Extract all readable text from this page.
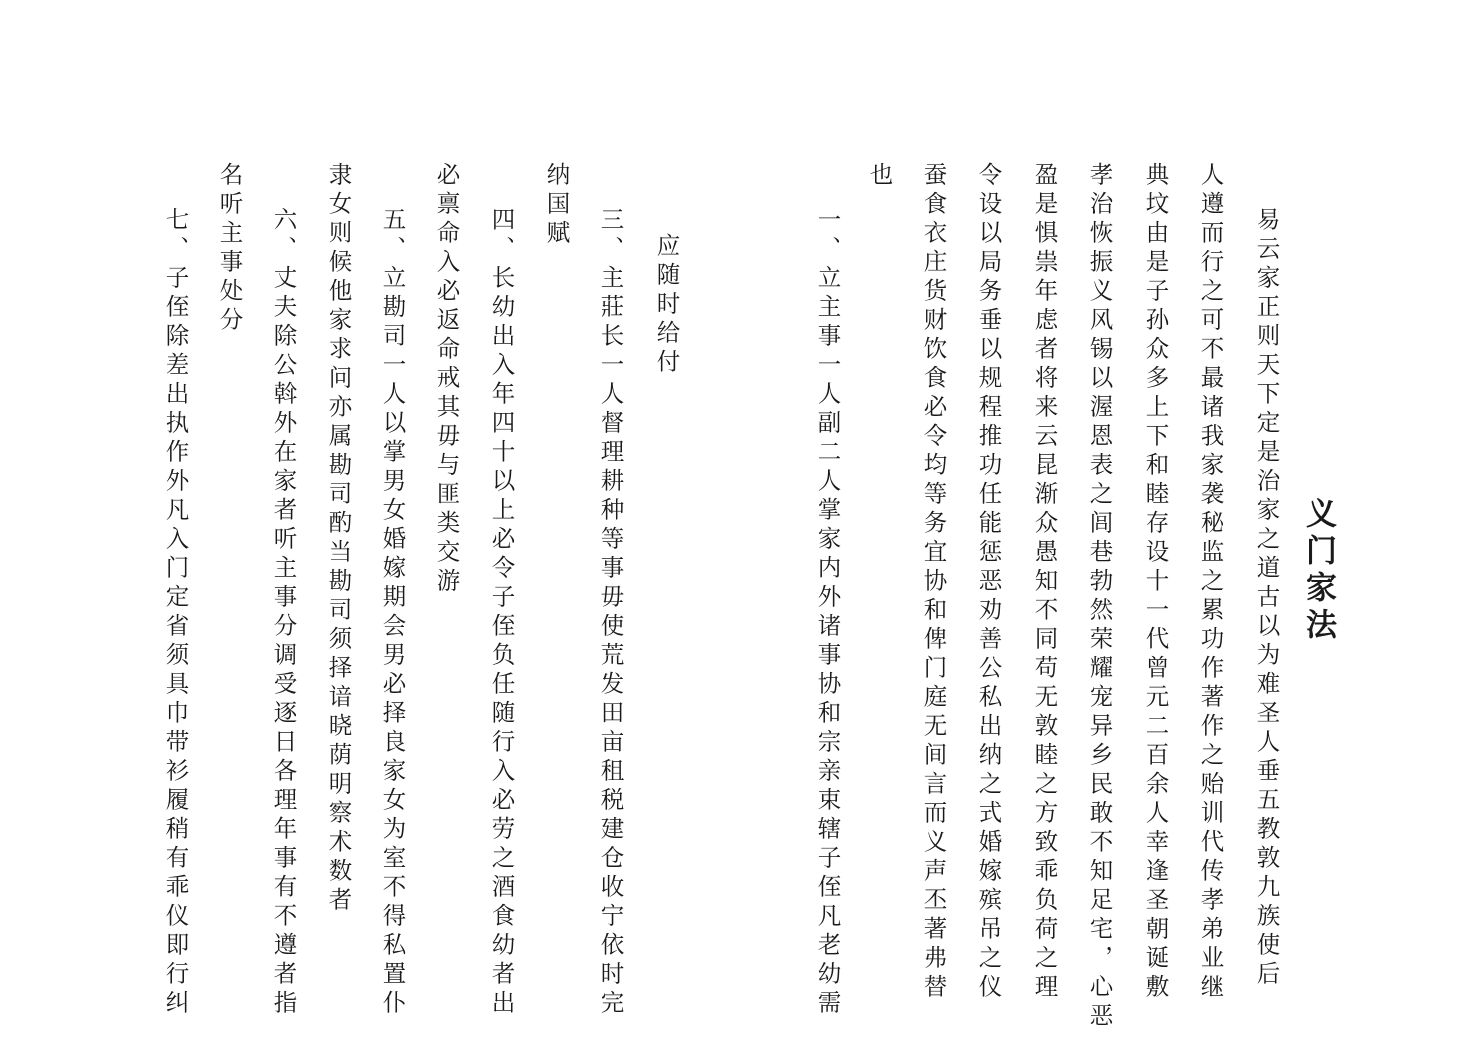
义门家法
易云家正则天下定是治家之道古以为难圣人垂五教敦九族使后
人遵而行之可不最诸我家袭秘监之累功作著作之贻训代传孝弟业继
典坟由是子孙众多上下和睦存设十一代曾元二百余人幸逢圣朝诞敷
孝治恢振义风锡以渥恩表之闾巷勃然荣耀宠异乡民敢不知足宅，心恶
盈是惧祟年虑者将来云昆渐众愚知不同苟无敦睦之方致乖负荷之理
令设以局务垂以规程推功任能惩恶劝善公私出纳之式婚嫁殡吊之仪
蚕食衣庄货财饮食必令均等务宜协和俾门庭无间言而义声丕著弗替
也
一、立主事一人副二人掌家内外诸事协和宗亲束辖子侄凡老幼需
应随时给付
三、主莊长一人督理耕种等事毋使荒发田亩租税建仓收宁依时完
纳国赋
四、长幼出入年四十以上必令子侄负任随行入必劳之酒食幼者出
必禀命入必返命戒其毋与匪类交游
五、立勘司一人以掌男女婚嫁期会男必择良家女为室不得私置仆
隶女则候他家求问亦属勘司酌当勘司须择谙晓荫明察术数者
六、丈夫除公斡外在家者听主事分调受逐日各理年事有不遵者指
名听主事处分
七、子侄除差出执作外凡入门定省须具巾带衫履稍有乖仪即行纠
